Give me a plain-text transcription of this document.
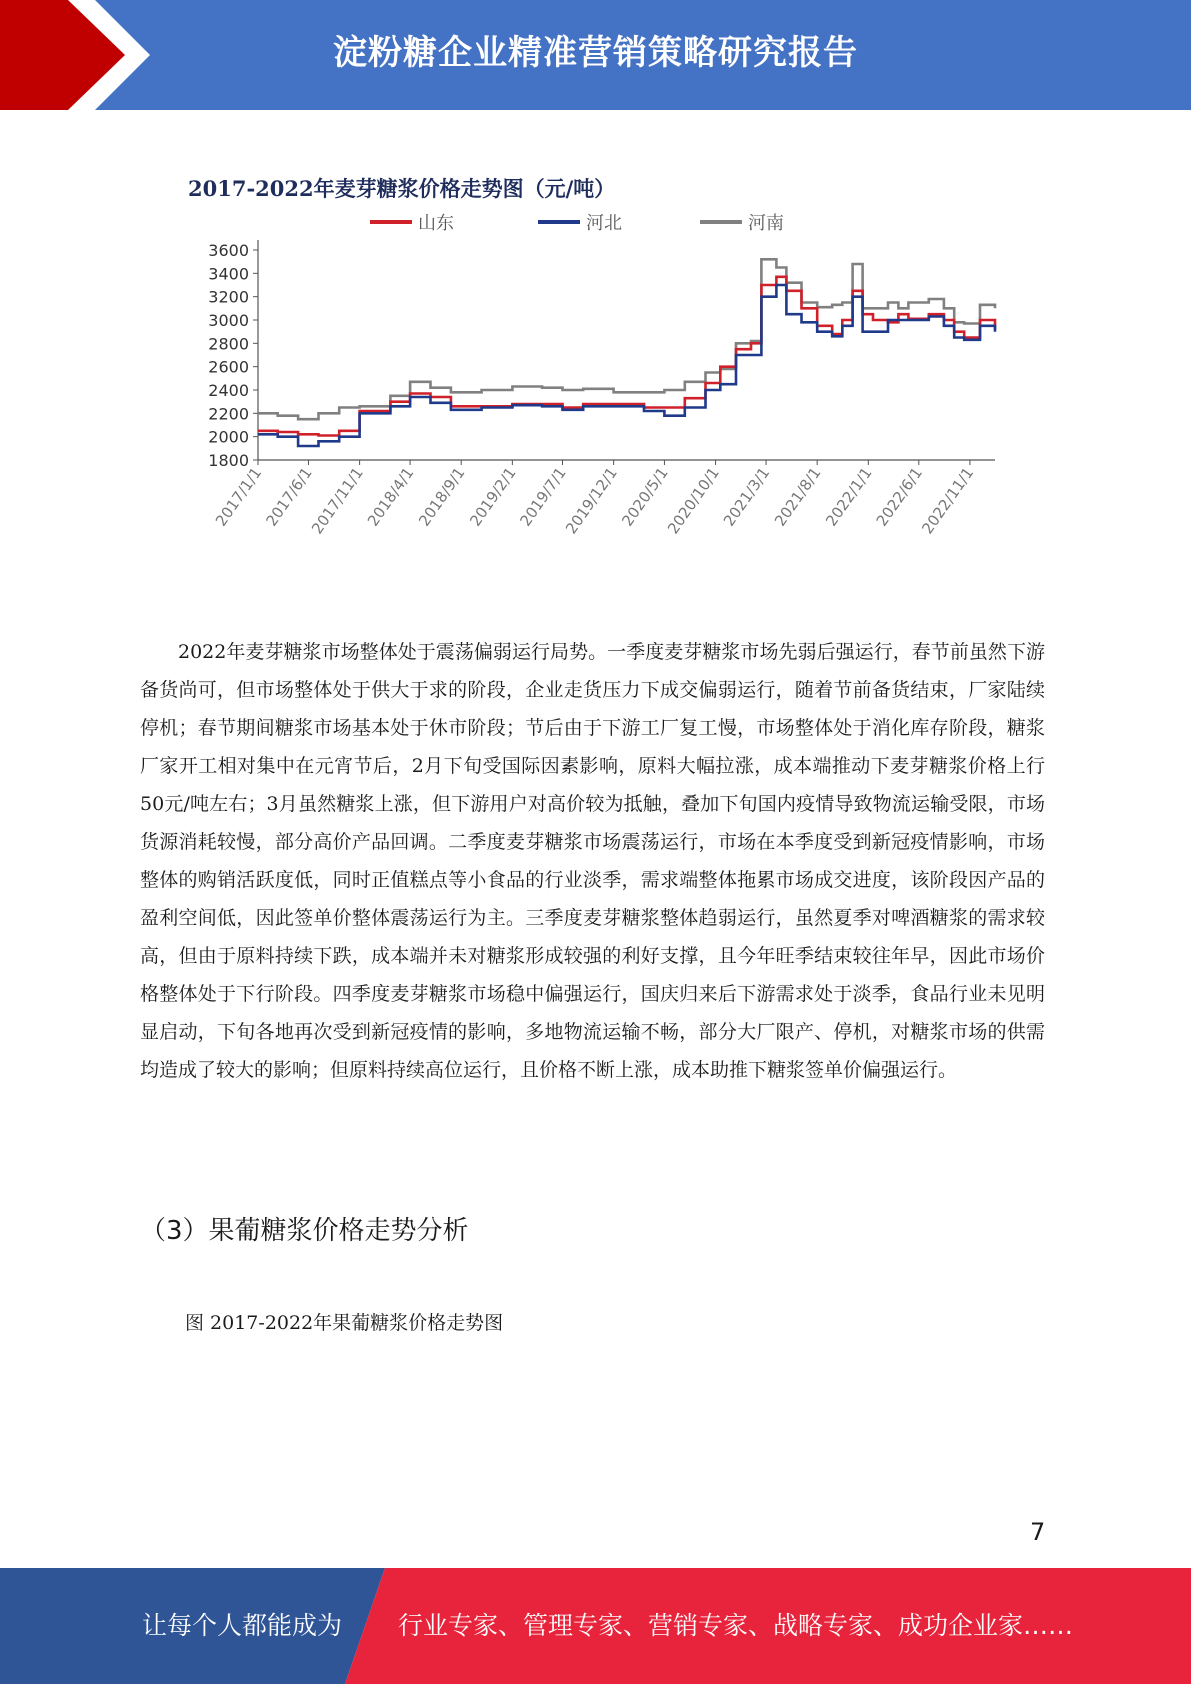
淀粉糖企业精准营销策略研究报告
2017-2022年麦芽糖浆价格走势图（元/吨）
山东	河北	河南
1800
2000
2200
2400
2600
2800
3000
3200
3400
3600
2017/1/1
2017/6/1
2017/11/1
2018/4/1
2018/9/1
2019/2/1
2019/7/1
2019/12/1
2020/5/1
2020/10/1
2021/3/1
2021/8/1
2022/1/1
2022/6/1
2022/11/1

2022年麦芽糖浆市场整体处于震荡偏弱运行局势。一季度麦芽糖浆市场先弱后强运行，春节前虽然下游备货尚可，但市场整体处于供大于求的阶段，企业走货压力下成交偏弱运行，随着节前备货结束，厂家陆续停机；春节期间糖浆市场基本处于休市阶段；节后由于下游工厂复工慢，市场整体处于消化库存阶段，糖浆厂家开工相对集中在元宵节后，2月下旬受国际因素影响，原料大幅拉涨，成本端推动下麦芽糖浆价格上行50元/吨左右；3月虽然糖浆上涨，但下游用户对高价较为抵触，叠加下旬国内疫情导致物流运输受限，市场货源消耗较慢，部分高价产品回调。二季度麦芽糖浆市场震荡运行，市场在本季度受到新冠疫情影响，市场整体的购销活跃度低，同时正值糕点等小食品的行业淡季，需求端整体拖累市场成交进度，该阶段因产品的盈利空间低，因此签单价整体震荡运行为主。三季度麦芽糖浆整体趋弱运行，虽然夏季对啤酒糖浆的需求较高，但由于原料持续下跌，成本端并未对糖浆形成较强的利好支撑，且今年旺季结束较往年早，因此市场价格整体处于下行阶段。四季度麦芽糖浆市场稳中偏强运行，国庆归来后下游需求处于淡季，食品行业未见明显启动，下旬各地再次受到新冠疫情的影响，多地物流运输不畅，部分大厂限产、停机，对糖浆市场的供需均造成了较大的影响；但原料持续高位运行，且价格不断上涨，成本助推下糖浆签单价偏强运行。

（3）果葡糖浆价格走势分析

图 2017-2022年果葡糖浆价格走势图

7
让每个人都能成为 行业专家、管理专家、营销专家、战略专家、成功企业家……
